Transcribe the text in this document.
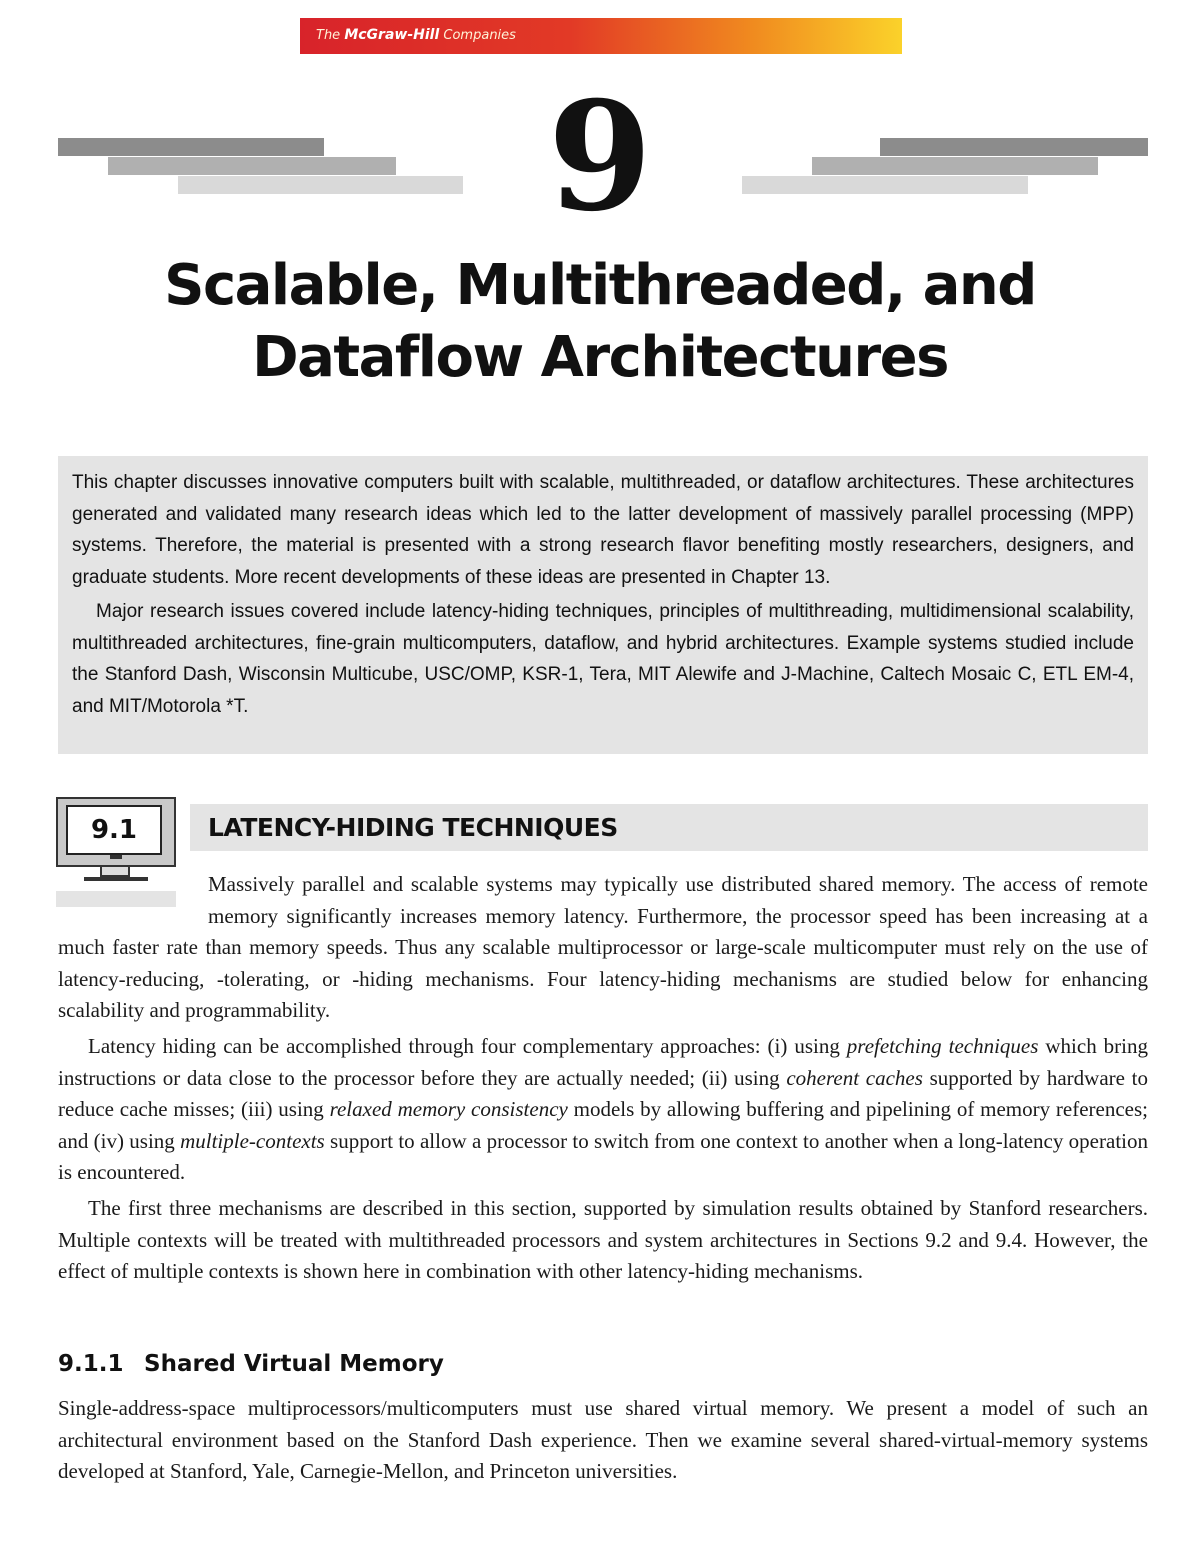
The McGraw-Hill Companies
9
Scalable, Multithreaded, and
Dataflow Architectures

This chapter discusses innovative computers built with scalable, multithreaded, or dataflow architectures. These architectures generated and validated many research ideas which led to the latter development of massively parallel processing (MPP) systems. Therefore, the material is presented with a strong research flavor benefiting mostly researchers, designers, and graduate students. More recent developments of these ideas are presented in Chapter 13.

Major research issues covered include latency-hiding techniques, principles of multithreading, multidimensional scalability, multithreaded architectures, fine-grain multicomputers, dataflow, and hybrid architectures. Example systems studied include the Stanford Dash, Wisconsin Multicube, USC/OMP, KSR-1, Tera, MIT Alewife and J-Machine, Caltech Mosaic C, ETL EM-4, and MIT/Motorola *T.

9.1	LATENCY-HIDING TECHNIQUES

Massively parallel and scalable systems may typically use distributed shared memory. The access of remote memory significantly increases memory latency. Furthermore, the processor speed has been increasing at a much faster rate than memory speeds. Thus any scalable multiprocessor or large-scale multicomputer must rely on the use of latency-reducing, -tolerating, or -hiding mechanisms. Four latency-hiding mechanisms are studied below for enhancing scalability and programmability.

Latency hiding can be accomplished through four complementary approaches: (i) using prefetching techniques which bring instructions or data close to the processor before they are actually needed; (ii) using coherent caches supported by hardware to reduce cache misses; (iii) using relaxed memory consistency models by allowing buffering and pipelining of memory references; and (iv) using multiple-contexts support to allow a processor to switch from one context to another when a long-latency operation is encountered.

The first three mechanisms are described in this section, supported by simulation results obtained by Stanford researchers. Multiple contexts will be treated with multithreaded processors and system architectures in Sections 9.2 and 9.4. However, the effect of multiple contexts is shown here in combination with other latency-hiding mechanisms.

9.1.1 Shared Virtual Memory

Single-address-space multiprocessors/multicomputers must use shared virtual memory. We present a model of such an architectural environment based on the Stanford Dash experience. Then we examine several shared-virtual-memory systems developed at Stanford, Yale, Carnegie-Mellon, and Princeton universities.
